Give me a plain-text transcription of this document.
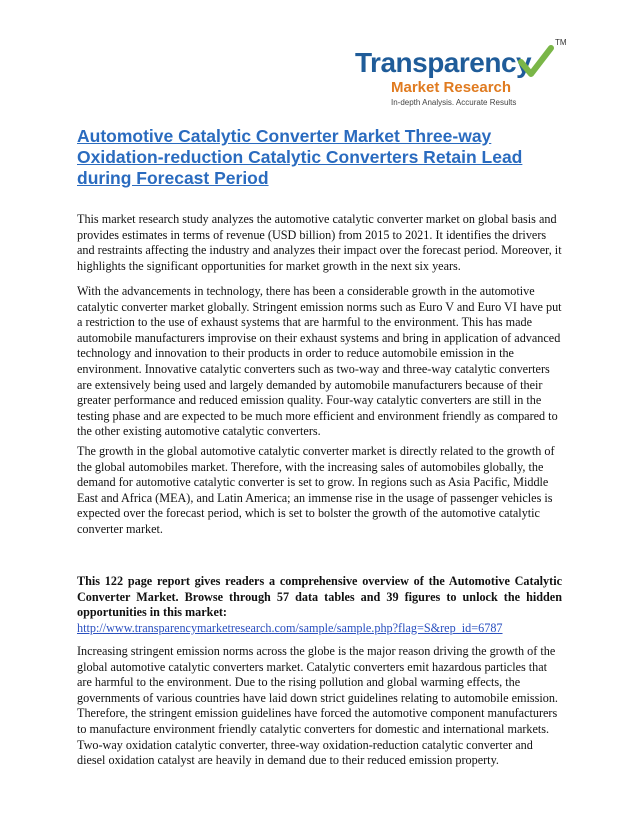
Transparency
TM
Market Research
In-depth Analysis. Accurate Results
Automotive Catalytic Converter Market Three-way Oxidation-reduction Catalytic Converters Retain Lead during Forecast Period

This market research study analyzes the automotive catalytic converter market on global basis and provides estimates in terms of revenue (USD billion) from 2015 to 2021. It identifies the drivers and restraints affecting the industry and analyzes their impact over the forecast period. Moreover, it highlights the significant opportunities for market growth in the next six years.

With the advancements in technology, there has been a considerable growth in the automotive catalytic converter market globally. Stringent emission norms such as Euro V and Euro VI have put a restriction to the use of exhaust systems that are harmful to the environment. This has made automobile manufacturers improvise on their exhaust systems and bring in application of advanced technology and innovation to their products in order to reduce automobile emission in the environment. Innovative catalytic converters such as two-way and three-way catalytic converters are extensively being used and largely demanded by automobile manufacturers because of their greater performance and reduced emission quality. Four-way catalytic converters are still in the testing phase and are expected to be much more efficient and environment friendly as compared to the other existing automotive catalytic converters.

The growth in the global automotive catalytic converter market is directly related to the growth of the global automobiles market. Therefore, with the increasing sales of automobiles globally, the demand for automotive catalytic converter is set to grow. In regions such as Asia Pacific, Middle East and Africa (MEA), and Latin America; an immense rise in the usage of passenger vehicles is expected over the forecast period, which is set to bolster the growth of the automotive catalytic converter market.

This 122 page report gives readers a comprehensive overview of the Automotive Catalytic Converter Market. Browse through 57 data tables and 39 figures to unlock the hidden opportunities in this market:
http://www.transparencymarketresearch.com/sample/sample.php?flag=S&rep_id=6787

Increasing stringent emission norms across the globe is the major reason driving the growth of the global automotive catalytic converters market. Catalytic converters emit hazardous particles that are harmful to the environment. Due to the rising pollution and global warming effects, the governments of various countries have laid down strict guidelines relating to automobile emission. Therefore, the stringent emission guidelines have forced the automotive component manufacturers to manufacture environment friendly catalytic converters for domestic and international markets. Two-way oxidation catalytic converter, three-way oxidation-reduction catalytic converter and diesel oxidation catalyst are heavily in demand due to their reduced emission property.
